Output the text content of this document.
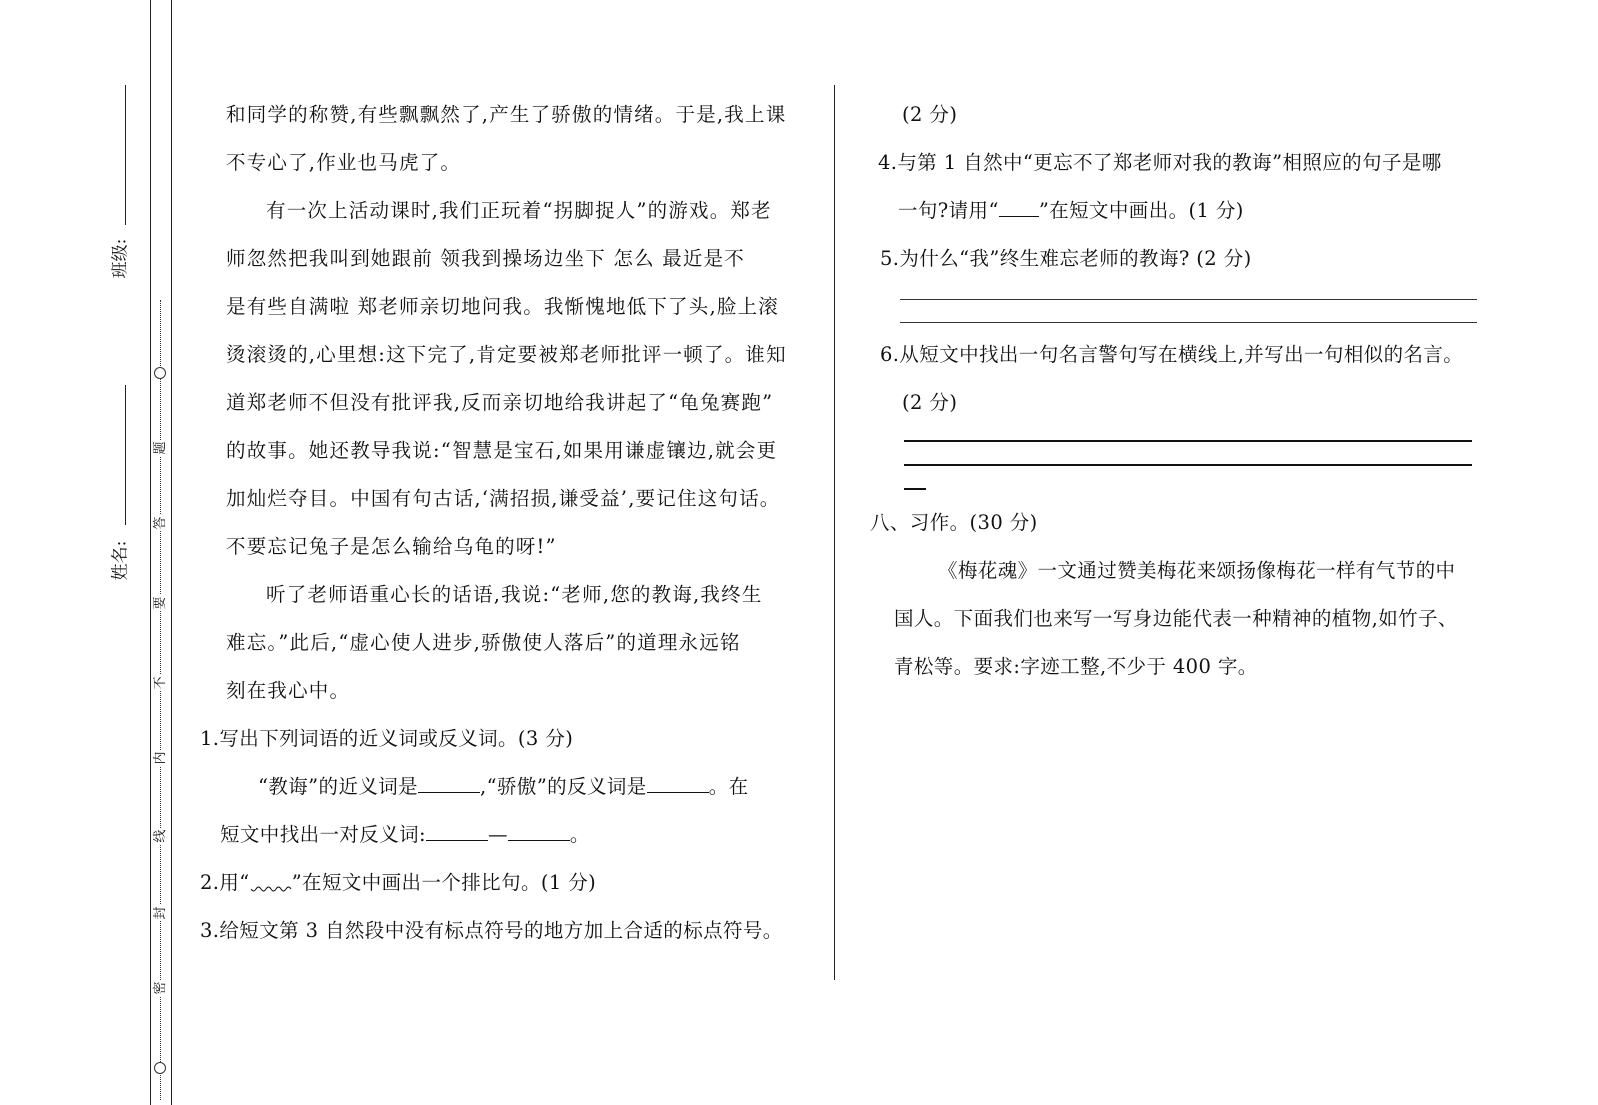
题
答
要
不
内
线
封
密
班级:
姓名:
和同学的称赞,有些飘飘然了,产生了骄傲的情绪。于是,我上课
不专心了,作业也马虎了。
有一次上活动课时,我们正玩着“拐脚捉人”的游戏。郑老
师忽然把我叫到她跟前 领我到操场边坐下 怎么 最近是不
是有些自满啦 郑老师亲切地问我。我惭愧地低下了头,脸上滚
烫滚烫的,心里想:这下完了,肯定要被郑老师批评一顿了。谁知
道郑老师不但没有批评我,反而亲切地给我讲起了“龟兔赛跑”
的故事。她还教导我说:“智慧是宝石,如果用谦虚镶边,就会更
加灿烂夺目。中国有句古话,‘满招损,谦受益’,要记住这句话。
不要忘记兔子是怎么输给乌龟的呀!”
听了老师语重心长的话语,我说:“老师,您的教诲,我终生
难忘。”此后,“虚心使人进步,骄傲使人落后”的道理永远铭
刻在我心中。
1.写出下列词语的近义词或反义词。(3 分)
“教诲”的近义词是	,“骄傲”的反义词是	。在
短文中找出一对反义词:	—	。
2.用“ ”在短文中画出一个排比句。(1 分)
3.给短文第 3 自然段中没有标点符号的地方加上合适的标点符号。
(2 分)
4.与第 1 自然中“更忘不了郑老师对我的教诲”相照应的句子是哪
一句?请用“ ”在短文中画出。(1 分)
5.为什么“我”终生难忘老师的教诲? (2 分)
6.从短文中找出一句名言警句写在横线上,并写出一句相似的名言。
(2 分)
八、习作。(30 分)
《梅花魂》一文通过赞美梅花来颂扬像梅花一样有气节的中
国人。下面我们也来写一写身边能代表一种精神的植物,如竹子、
青松等。要求:字迹工整,不少于 400 字。
